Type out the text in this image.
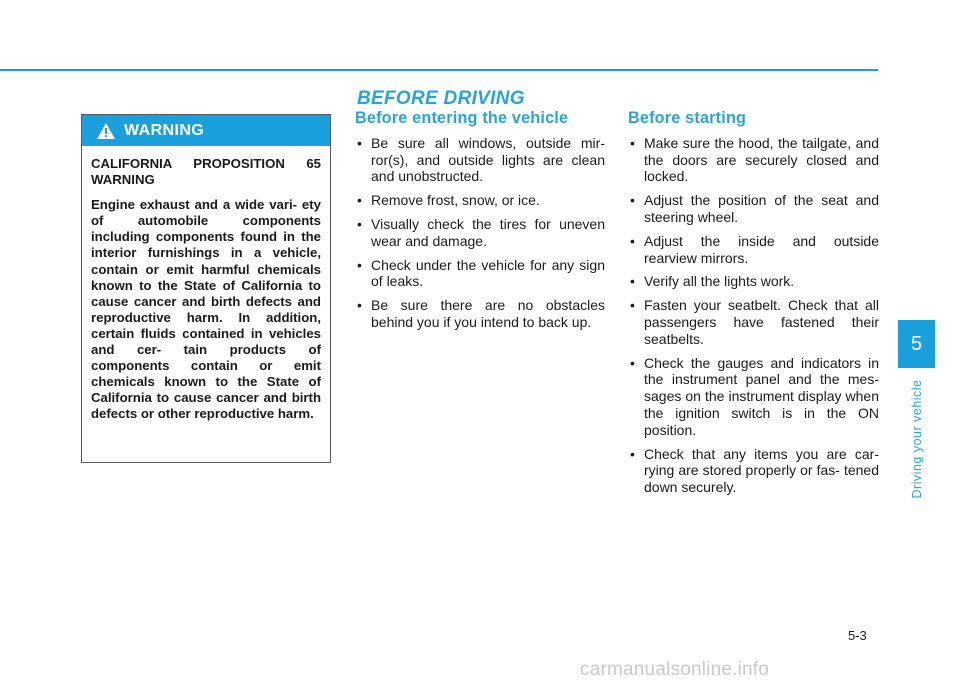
BEFORE DRIVING
WARNING

CALIFORNIA PROPOSITION 65 WARNING

Engine exhaust and a wide vari- ety of automobile components including components found in the interior furnishings in a vehicle, contain or emit harmful chemicals known to the State of California to cause cancer and birth defects and reproductive harm. In addition, certain fluids contained in vehicles and cer- tain products of components contain or emit chemicals known to the State of California to cause cancer and birth defects or other reproductive harm.

Before entering the vehicle
• Be sure all windows, outside mir- ror(s), and outside lights are clean and unobstructed.
• Remove frost, snow, or ice.
• Visually check the tires for uneven wear and damage.
• Check under the vehicle for any sign of leaks.
• Be sure there are no obstacles behind you if you intend to back up.
Before starting
• Make sure the hood, the tailgate, and the doors are securely closed and locked.
• Adjust the position of the seat and steering wheel.
• Adjust the inside and outside rearview mirrors.
• Verify all the lights work.
• Fasten your seatbelt. Check that all passengers have fastened their seatbelts.
• Check the gauges and indicators in the instrument panel and the mes- sages on the instrument display when the ignition switch is in the ON position.
• Check that any items you are car- rying are stored properly or fas- tened down securely.
5
Driving your vehicle
5-3
carmanualsonline.info
